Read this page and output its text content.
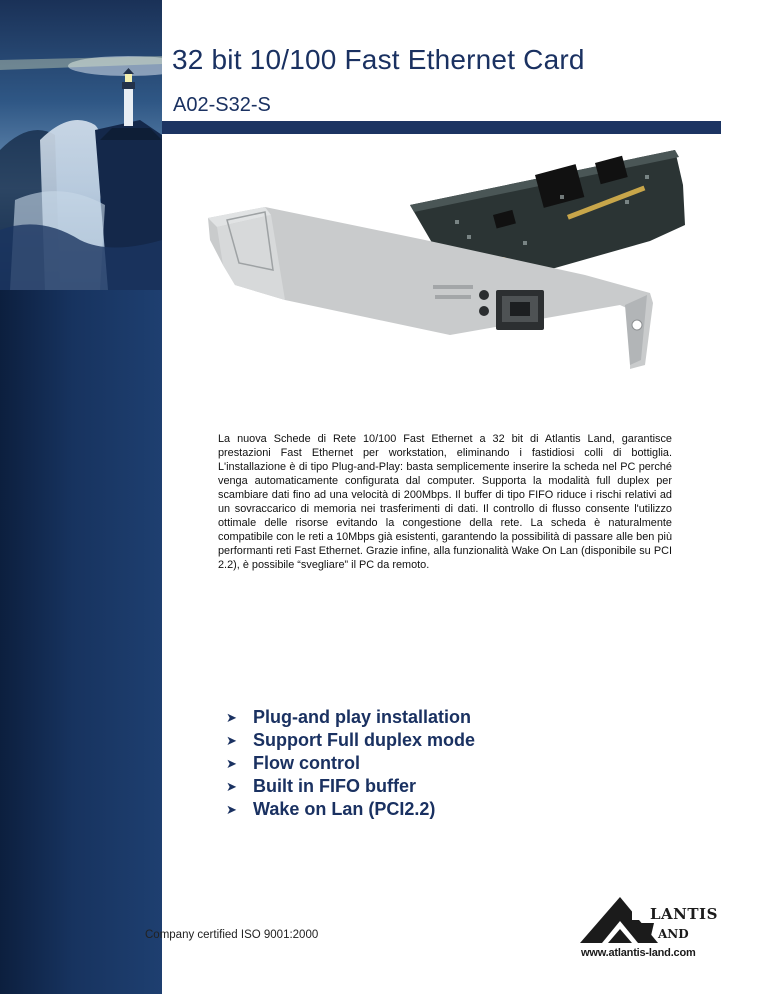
32 bit 10/100 Fast Ethernet Card
A02-S32-S

La nuova Schede di Rete 10/100 Fast Ethernet a 32 bit di Atlantis Land, garantisce prestazioni Fast Ethernet per workstation, eliminando i fastidiosi colli di bottiglia. L'installazione è di tipo Plug-and-Play: basta semplicemente inserire la scheda nel PC perché venga automaticamente configurata dal computer. Supporta la modalità full duplex per scambiare dati fino ad una velocità di 200Mbps. Il buffer di tipo FIFO riduce i rischi relativi ad un sovraccarico di memoria nei trasferimenti di dati. Il controllo di flusso consente l'utilizzo ottimale delle risorse evitando la congestione della rete. La scheda è naturalmente compatibile con le reti a 10Mbps già esistenti, garantendo la possibilità di passare alle ben più performanti reti Fast Ethernet. Grazie infine, alla funzionalità Wake On Lan (disponibile su PCI 2.2), è possibile “svegliare” il PC da remoto.

➤ Plug-and play installation
➤ Support Full duplex mode
➤ Flow control
➤ Built in FIFO buffer
➤ Wake on Lan (PCI2.2)
Company certified ISO 9001:2000
LANTIS
AND
www.atlantis-land.com
